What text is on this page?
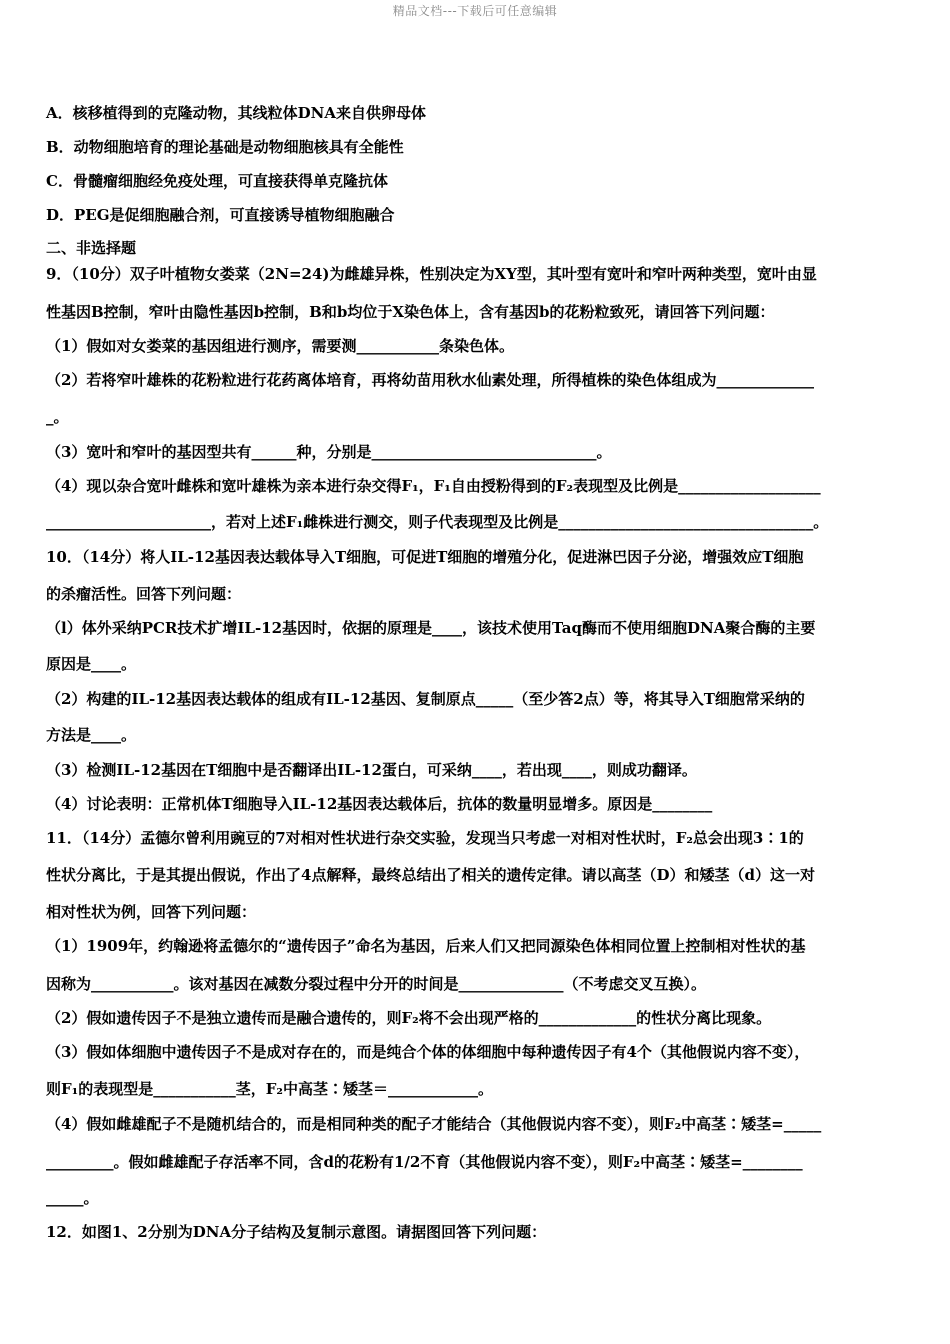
精品文档---下载后可任意编辑
A．核移植得到的克隆动物，其线粒体DNA来自供卵母体
B．动物细胞培育的理论基础是动物细胞核具有全能性
C．骨髓瘤细胞经免疫处理，可直接获得单克隆抗体
D．PEG是促细胞融合剂，可直接诱导植物细胞融合
二、非选择题
9．（10分）双子叶植物女娄菜（2N=24)为雌雄异株，性别决定为XY型，其叶型有宽叶和窄叶两种类型，宽叶由显
性基因B控制，窄叶由隐性基因b控制，B和b均位于X染色体上，含有基因b的花粉粒致死，请回答下列问题：
（1）假如对女娄菜的基因组进行测序，需要测___________条染色体。
（2）若将窄叶雄株的花粉粒进行花药离体培育，再将幼苗用秋水仙素处理，所得植株的染色体组成为_____________
_。
（3）宽叶和窄叶的基因型共有______种，分别是______________________________。
（4）现以杂合宽叶雌株和宽叶雄株为亲本进行杂交得F₁，F₁自由授粉得到的F₂表现型及比例是___________________
______________________，若对上述F₁雌株进行测交，则子代表现型及比例是__________________________________。
10．（14分）将人IL-12基因表达载体导入T细胞，可促进T细胞的增殖分化，促进淋巴因子分泌，增强效应T细胞
的杀瘤活性。回答下列问题：
（l）体外采纳PCR技术扩增IL-12基因时，依据的原理是____，该技术使用Taq酶而不使用细胞DNA聚合酶的主要
原因是____。
（2）构建的IL-12基因表达载体的组成有IL-12基因、复制原点_____（至少答2点）等，将其导入T细胞常采纳的
方法是____。
（3）检测IL-12基因在T细胞中是否翻译出IL-12蛋白，可采纳____，若出现____，则成功翻译。
（4）讨论表明：正常机体T细胞导入IL-12基因表达载体后，抗体的数量明显增多。原因是________
11．（14分）孟德尔曾利用豌豆的7对相对性状进行杂交实验，发现当只考虑一对相对性状时，F₂总会出现3∶1的
性状分离比，于是其提出假说，作出了4点解释，最终总结出了相关的遗传定律。请以高茎（D）和矮茎（d）这一对
相对性状为例，回答下列问题：
（1）1909年，约翰逊将孟德尔的“遗传因子”命名为基因，后来人们又把同源染色体相同位置上控制相对性状的基
因称为___________。该对基因在减数分裂过程中分开的时间是______________（不考虑交叉互换）。
（2）假如遗传因子不是独立遗传而是融合遗传的，则F₂将不会出现严格的_____________的性状分离比现象。
（3）假如体细胞中遗传因子不是成对存在的，而是纯合个体的体细胞中每种遗传因子有4个（其他假说内容不变），
则F₁的表现型是___________茎，F₂中高茎∶矮茎＝____________。
（4）假如雌雄配子不是随机结合的，而是相同种类的配子才能结合（其他假说内容不变），则F₂中高茎∶矮茎=_____
_________。假如雌雄配子存活率不同，含d的花粉有1/2不育（其他假说内容不变），则F₂中高茎∶矮茎=________
_____。
12．如图1、2分别为DNA分子结构及复制示意图。请据图回答下列问题：
